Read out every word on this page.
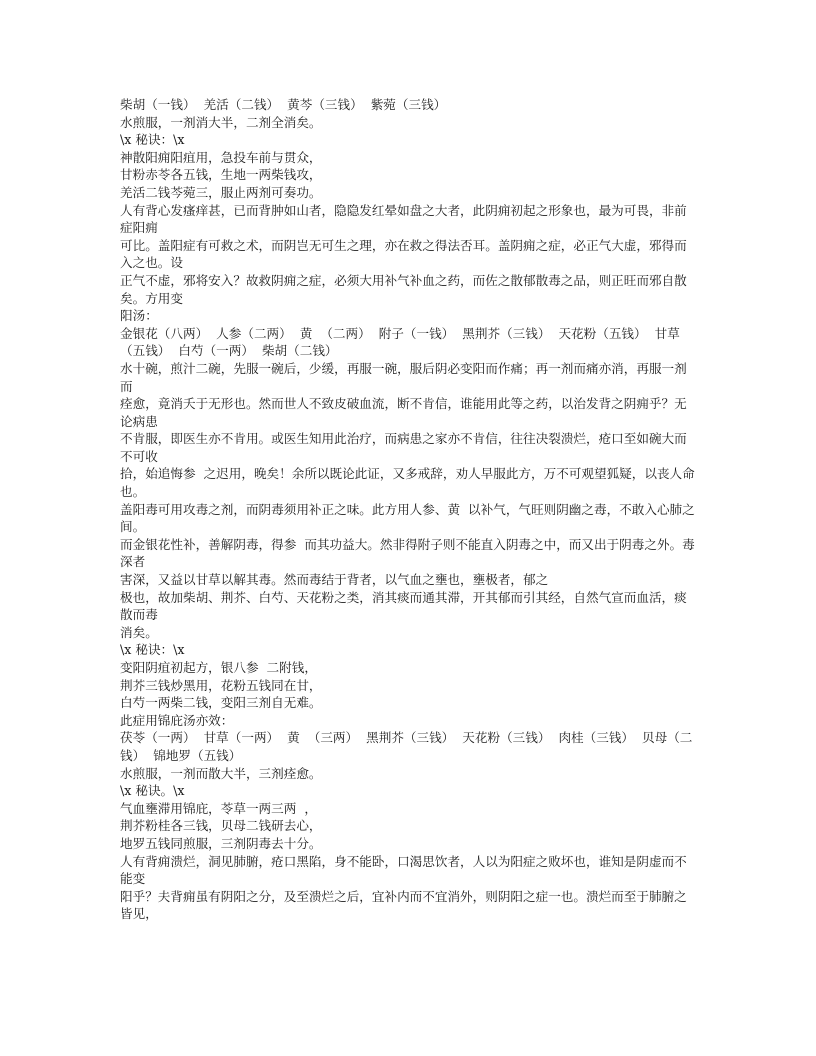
柴胡（一钱）  羌活（二钱）  黄芩（三钱）  紫菀（三钱）

水煎服，一剂消大半，二剂全消矣。

\x 秘诀：\x

神散阳痈阳疽用，急投车前与贯众，

甘粉赤苓各五钱，生地一两柴钱攻，

羌活二钱芩菀三，服止两剂可奏功。

人有背心发瘙痒甚，已而背肿如山者，隐隐发红晕如盘之大者，此阴痈初起之形象也，最为可畏，非前症阳痈

可比。盖阳症有可救之术，而阴岂无可生之理，亦在救之得法否耳。盖阴痈之症，必正气大虚，邪得而入之也。设

正气不虚，邪将安入？故救阴痈之症，必须大用补气补血之药，而佐之散郁散毒之品，则正旺而邪自散矣。方用变

阳汤：

金银花（八两）  人参（二两）  黄  （二两）  附子（一钱）  黑荆芥（三钱）  天花粉（五钱）  甘草（五钱）  白芍（一两）  柴胡（二钱）

水十碗，煎汁二碗，先服一碗后，少缓，再服一碗，服后阴必变阳而作痛；再一剂而痛亦消，再服一剂而

痊愈，竟消夭于无形也。然而世人不致皮破血流，断不肯信，谁能用此等之药，以治发背之阴痈乎？无论病患

不肯服，即医生亦不肯用。或医生知用此治疗，而病患之家亦不肯信，往往决裂溃烂，疮口至如碗大而不可收

拾，始追悔参  之迟用，晚矣！余所以既论此证，又多戒辞，劝人早服此方，万不可观望狐疑，以丧人命也。

盖阳毒可用攻毒之剂，而阴毒须用补正之味。此方用人参、黄  以补气，气旺则阴幽之毒，不敢入心肺之间。

而金银花性补，善解阴毒，得参  而其功益大。然非得附子则不能直入阴毒之中，而又出于阴毒之外。毒深者

害深，又益以甘草以解其毒。然而毒结于背者，以气血之壅也，壅极者，郁之

极也，故加柴胡、荆芥、白芍、天花粉之类，消其痰而通其滞，开其郁而引其经，自然气宣而血活，痰散而毒

消矣。

\x 秘诀：\x

变阳阴疽初起方，银八参  二附钱，

荆芥三钱炒黑用，花粉五钱同在甘，

白芍一两柴二钱，变阳三剂自无难。

此症用锦庇汤亦效：

茯苓（一两）  甘草（一两）  黄  （三两）  黑荆芥（三钱）  天花粉（三钱）  肉桂（三钱）  贝母（二钱）  锦地罗（五钱）

水煎服，一剂而散大半，三剂痊愈。

\x 秘诀。\x

气血壅滞用锦庇，苓草一两三两  ，

荆芥粉桂各三钱，贝母二钱研去心，

地罗五钱同煎服，三剂阴毒去十分。

人有背痈溃烂，洞见肺腑，疮口黑陷，身不能卧，口渴思饮者，人以为阳症之败坏也，谁知是阴虚而不能变

阳乎？夫背痈虽有阴阳之分，及至溃烂之后，宜补内而不宜消外，则阴阳之症一也。溃烂而至于肺腑之皆见，
